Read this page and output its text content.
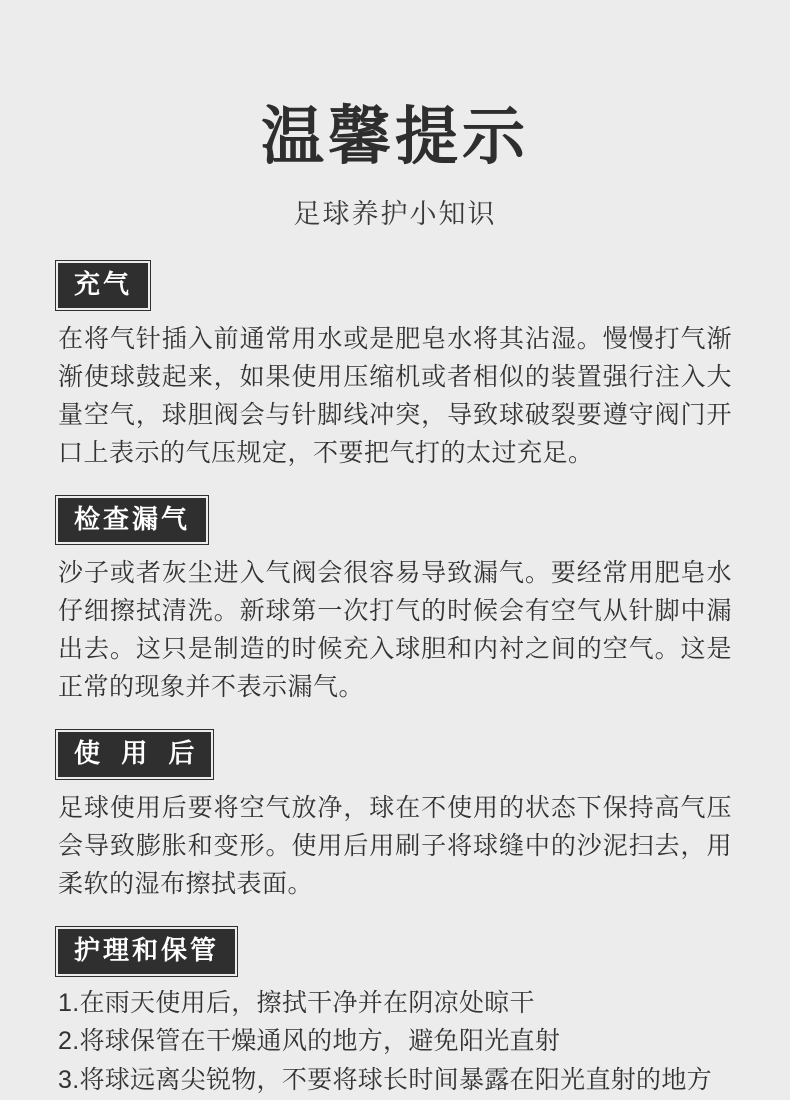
温馨提示

足球养护小知识

充气

在将气针插入前通常用水或是肥皂水将其沾湿。慢慢打气渐渐使球鼓起来，如果使用压缩机或者相似的装置强行注入大量空气，球胆阀会与针脚线冲突，导致球破裂要遵守阀门开口上表示的气压规定，不要把气打的太过充足。

检查漏气

沙子或者灰尘进入气阀会很容易导致漏气。要经常用肥皂水仔细擦拭清洗。新球第一次打气的时候会有空气从针脚中漏出去。这只是制造的时候充入球胆和内衬之间的空气。这是正常的现象并不表示漏气。

使 用 后

足球使用后要将空气放净，球在不使用的状态下保持高气压会导致膨胀和变形。使用后用刷子将球缝中的沙泥扫去，用柔软的湿布擦拭表面。

护理和保管
1.在雨天使用后，擦拭干净并在阴凉处晾干
2.将球保管在干燥通风的地方，避免阳光直射
3.将球远离尖锐物，不要将球长时间暴露在阳光直射的地方
